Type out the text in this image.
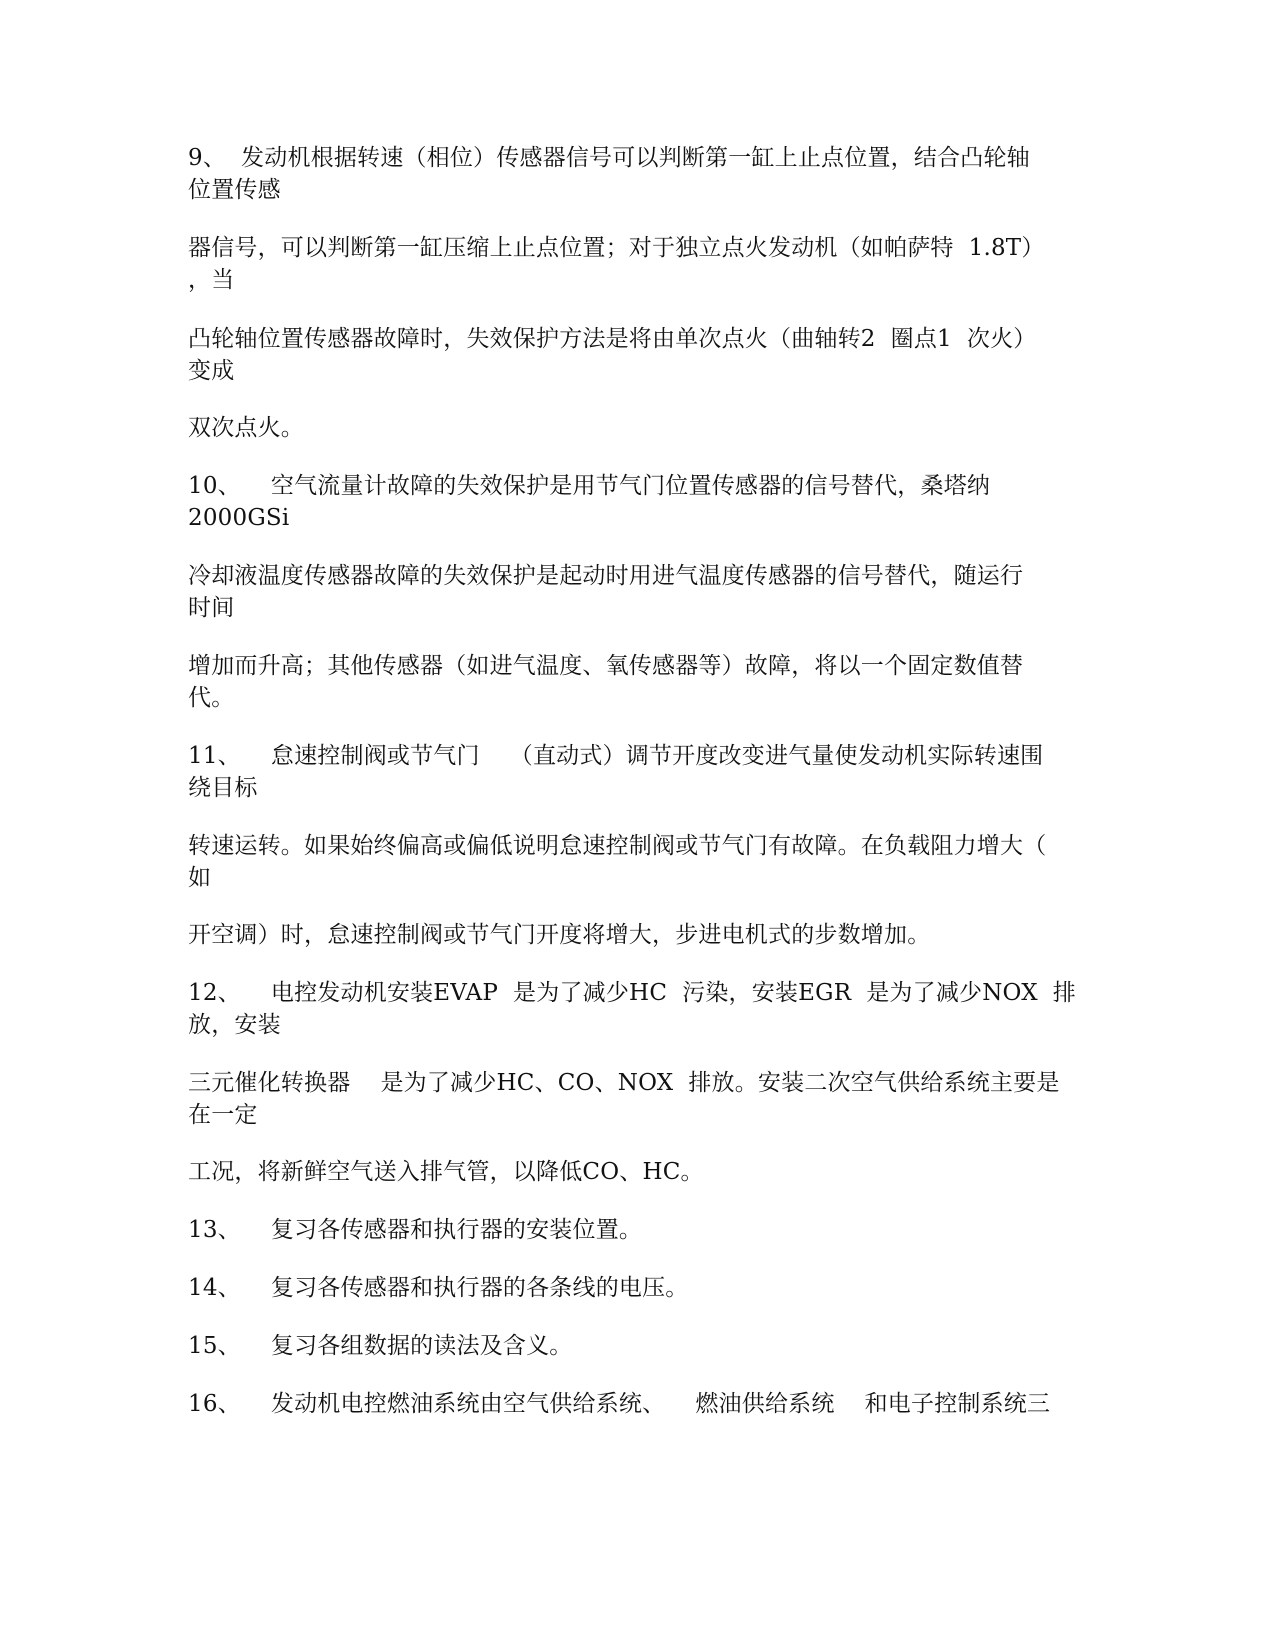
9、  发动机根据转速（相位）传感器信号可以判断第一缸上止点位置，结合凸轮轴
位置传感
器信号，可以判断第一缸压缩上止点位置；对于独立点火发动机（如帕萨特  1.8T）
，当
凸轮轴位置传感器故障时，失效保护方法是将由单次点火（曲轴转2  圈点1  次火）
变成
双次点火。
10、    空气流量计故障的失效保护是用节气门位置传感器的信号替代，桑塔纳
2000GSi
冷却液温度传感器故障的失效保护是起动时用进气温度传感器的信号替代，随运行
时间
增加而升高；其他传感器（如进气温度、氧传感器等）故障，将以一个固定数值替
代。
11、    怠速控制阀或节气门    （直动式）调节开度改变进气量使发动机实际转速围
绕目标
转速运转。如果始终偏高或偏低说明怠速控制阀或节气门有故障。在负载阻力增大（
如
开空调）时，怠速控制阀或节气门开度将增大，步进电机式的步数增加。
12、    电控发动机安装EVAP  是为了减少HC  污染，安装EGR  是为了减少NOX  排
放，安装
三元催化转换器    是为了减少HC、CO、NOX  排放。安装二次空气供给系统主要是
在一定
工况，将新鲜空气送入排气管，以降低CO、HC。
13、    复习各传感器和执行器的安装位置。
14、    复习各传感器和执行器的各条线的电压。
15、    复习各组数据的读法及含义。
16、    发动机电控燃油系统由空气供给系统、    燃油供给系统    和电子控制系统三
